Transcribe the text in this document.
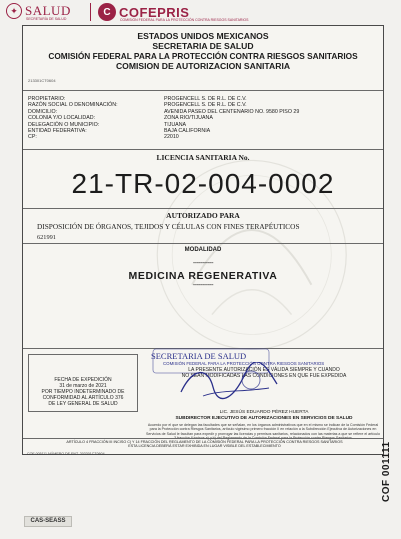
✦ SALUD
SECRETARÍA DE SALUD
C COFEPRIS
COMISIÓN FEDERAL PARA LA PROTECCIÓN CONTRA RIESGOS SANITARIOS
ESTADOS UNIDOS MEXICANOS
SECRETARIA DE SALUD
COMISIÓN FEDERAL PARA LA PROTECCIÓN CONTRA RIESGOS SANITARIOS
COMISION DE AUTORIZACION SANITARIA
213301CT0604
PROPIETARIO:	PROGENCELL S. DE R.L. DE C.V.
RAZÓN SOCIAL O DENOMINACIÓN:	PROGENCELL S. DE R.L. DE C.V.
DOMICILIO:	AVENIDA PASEO DEL CENTENARIO NO. 9580 PISO 29
COLONIA Y/O LOCALIDAD:	ZONA RIO/TIJUANA
DELEGACIÓN O MUNICIPIO:	TIJUANA
ENTIDAD FEDERATIVA:	BAJA CALIFORNIA
CP:	22010
LICENCIA SANITARIA No.
21-TR-02-004-0002
AUTORIZADO PARA
DISPOSICIÓN DE ÓRGANOS, TEJIDOS Y CÉLULAS CON FINES TERAPÉUTICOS
621991
MODALIDAD
-----------
MEDICINA REGENERATIVA
-----------
FECHA DE EXPEDICIÓN
31 de marzo de 2021
POR TIEMPO INDETERMINADO DE
CONFORMIDAD AL ARTÍCULO 376
DE LEY GENERAL DE SALUD
SECRETARIA DE SALUD
COMISIÓN FEDERAL PARA LA PROTECCIÓN CONTRA RIESGOS SANITARIOS
LA PRESENTE AUTORIZACIÓN ES VÁLIDA SIEMPRE Y CUANDO
NO SEAN MODIFICADAS LAS CONDICIONES EN QUE FUE EXPEDIDA
LIC. JESÚS EDUARDO PÉREZ HUERTA
SUBDIRECTOR EJECUTIVO DE AUTORIZACIONES EN SERVICIOS DE SALUD
Acuerdo por el que se delegan las facultades que se señalan, en los órganos administrativos que en el mismo se indican de la Comisión Federal para la Protección contra Riesgos Sanitarios, artículo vigésimo primero fracción II en relación a la Subdirección Ejecutiva de Autorizaciones en Servicios de Salud le facultan para expedir y prorrogar las licencias y permisos sanitarios, relacionados con las materias a que se refiere el artículo
ARTÍCULO 4 FRACCIÓN III INCISO C) Y 14 FRACCIÓN DEL REGLAMENTO DE LA COMISIÓN FEDERAL PARA LA PROTECCIÓN CONTRA RIESGOS SANITARIOS
ESTA LICENCIA DEBERÁ ESTAR EXHIBIDA EN LUGAR VISIBLE DEL ESTABLECIMIENTO
COF 005111 NÚMERO DE ENT. 203301CT0604	COF 001111
CAS-SEASS
